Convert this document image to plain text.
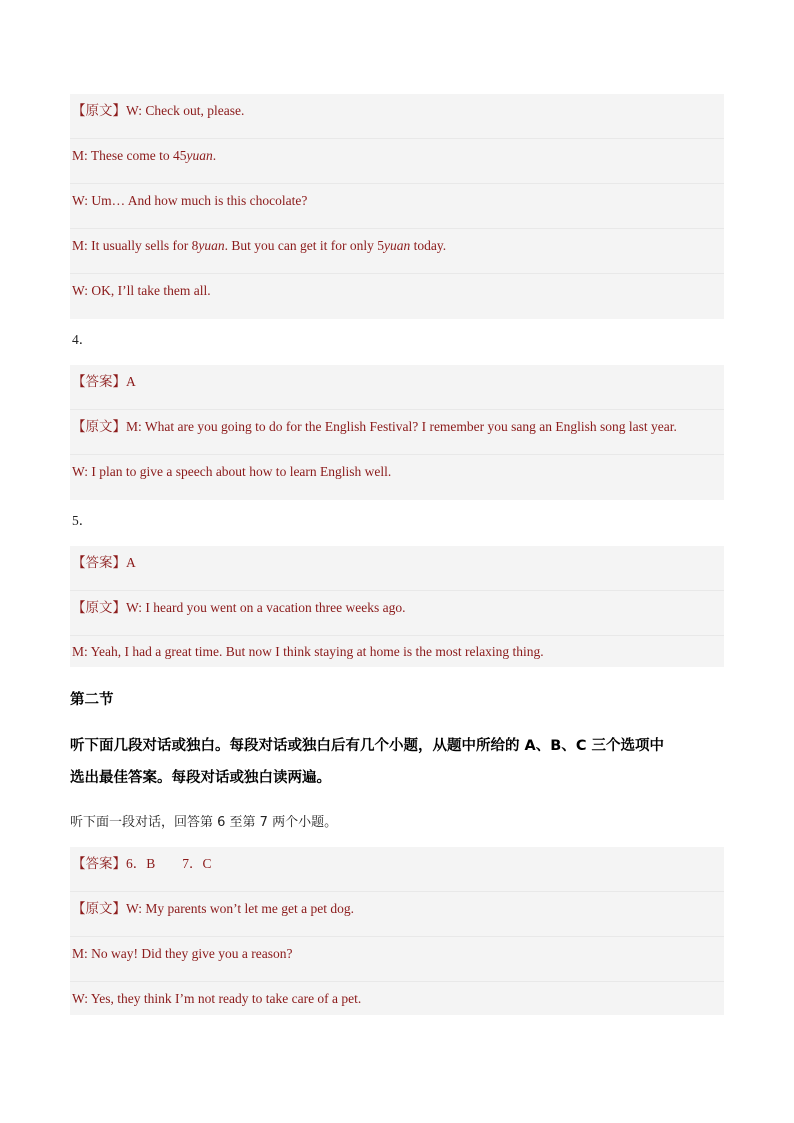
【原文】W: Check out, please.
M: These come to 45yuan.
W: Um… And how much is this chocolate?
M: It usually sells for 8yuan. But you can get it for only 5yuan today.
W: OK, I’ll take them all.
4．
【答案】A
【原文】M: What are you going to do for the English Festival? I remember you sang an English song last year.
W: I plan to give a speech about how to learn English well.
5．
【答案】A
【原文】W: I heard you went on a vacation three weeks ago.
M: Yeah, I had a great time. But now I think staying at home is the most relaxing thing.
第二节
听下面几段对话或独白。每段对话或独白后有几个小题，从题中所给的 A、B、C 三个选项中
选出最佳答案。每段对话或独白读两遍。
听下面一段对话，回答第 6 至第 7 两个小题。
【答案】6．B　　7．C
【原文】W: My parents won’t let me get a pet dog.
M: No way! Did they give you a reason?
W: Yes, they think I’m not ready to take care of a pet.
